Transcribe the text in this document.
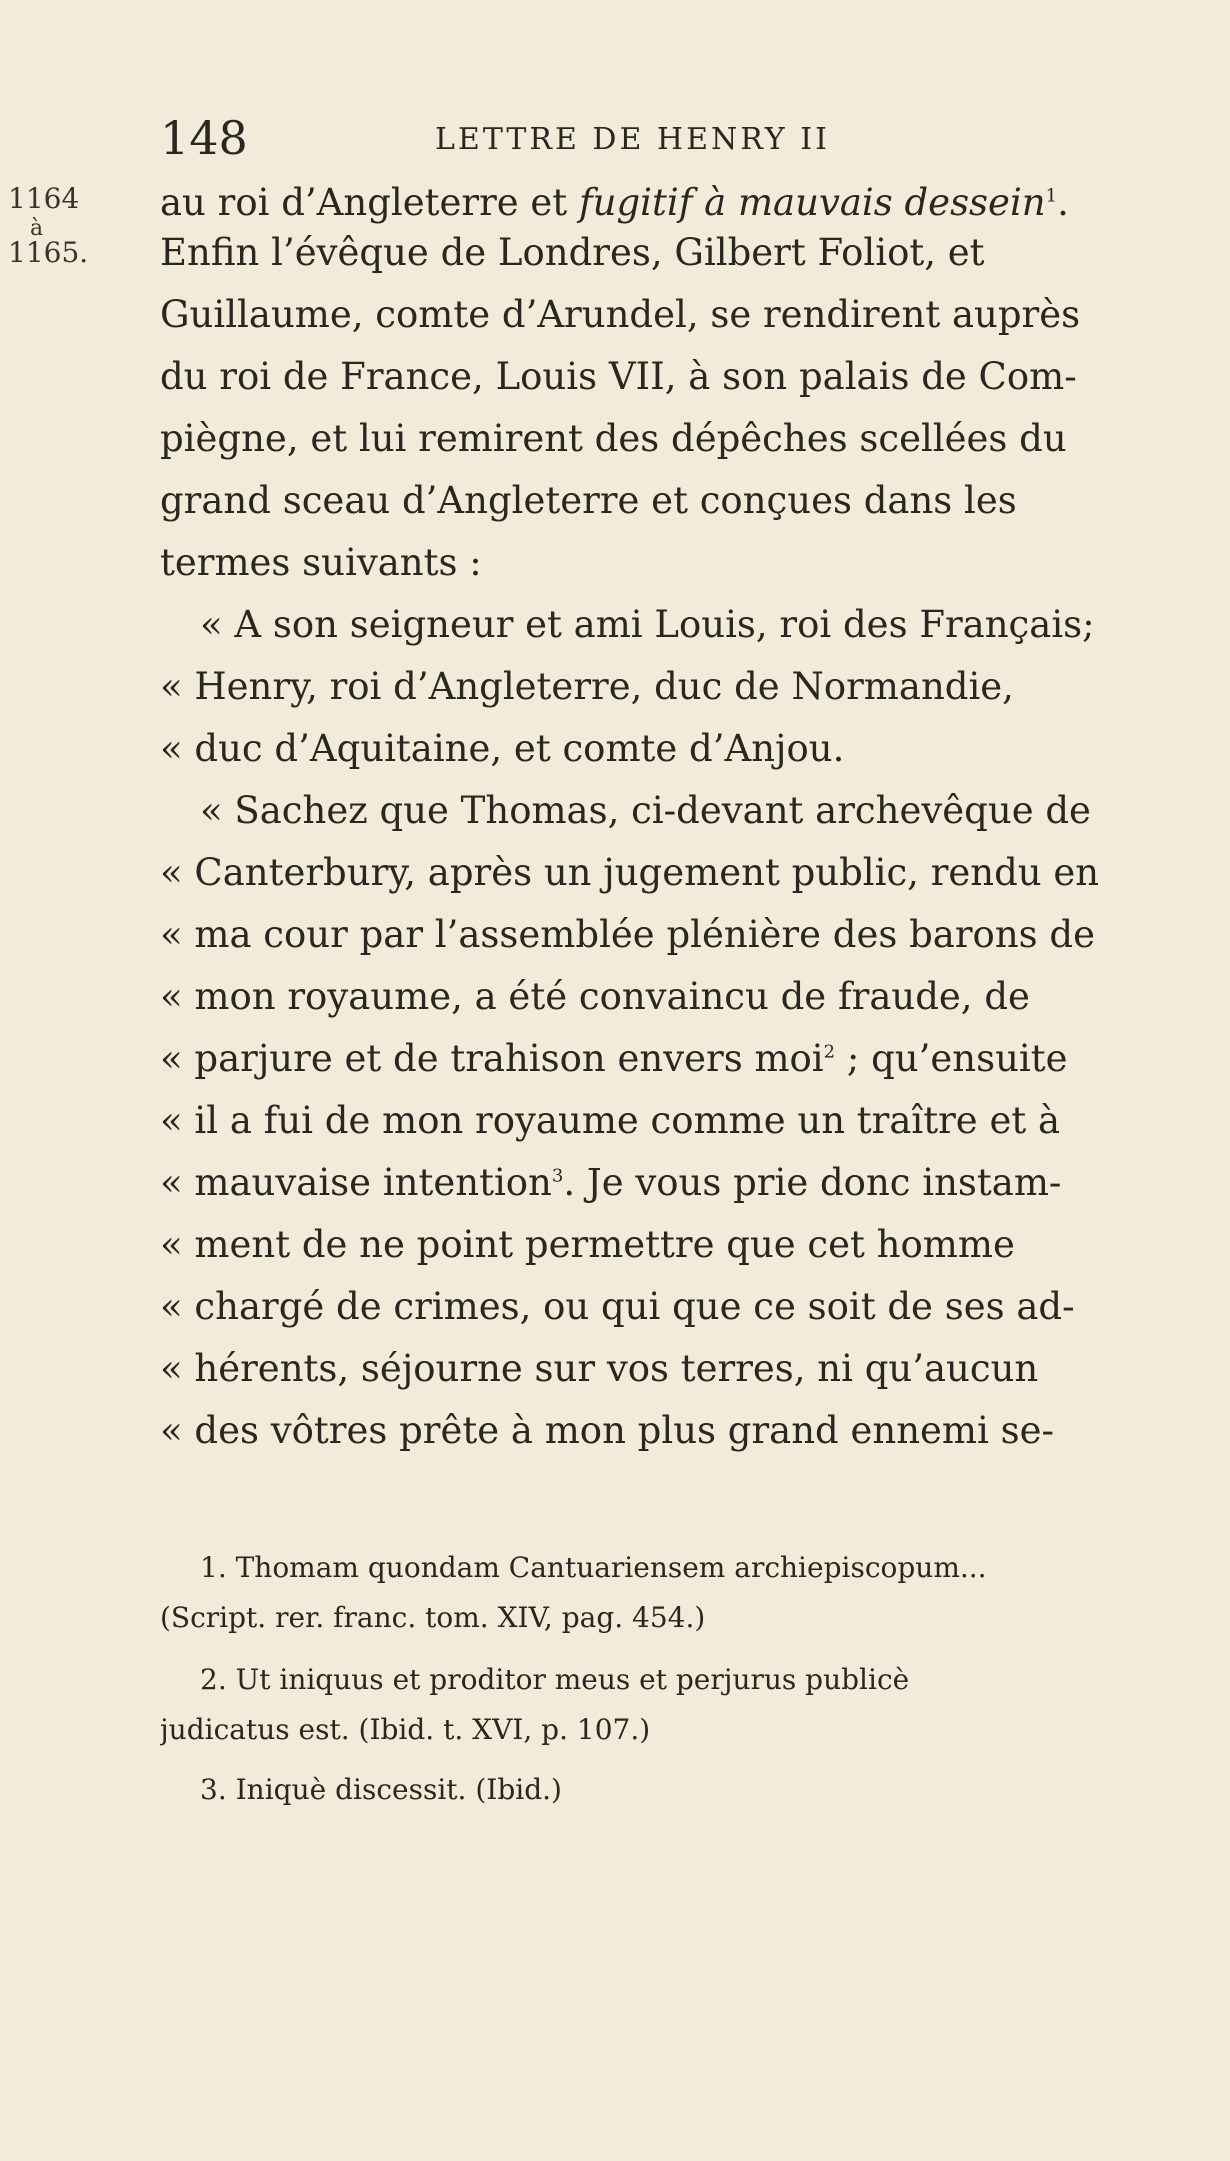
148	LETTRE DE HENRY II
1164
à
1165.
au roi d’Angleterre et fugitif à mauvais dessein$^1$.
Enfin l’évêque de Londres, Gilbert Foliot, et
Guillaume, comte d’Arundel, se rendirent auprès
du roi de France, Louis VII, à son palais de Com-
piègne, et lui remirent des dépêches scellées du
grand sceau d’Angleterre et conçues dans les
termes suivants :
« A son seigneur et ami Louis, roi des Français;
« Henry, roi d’Angleterre, duc de Normandie,
« duc d’Aquitaine, et comte d’Anjou.
« Sachez que Thomas, ci-devant archevêque de
« Canterbury, après un jugement public, rendu en
« ma cour par l’assemblée plénière des barons de
« mon royaume, a été convaincu de fraude, de
« parjure et de trahison envers moi$^2$ ; qu’ensuite
« il a fui de mon royaume comme un traître et à
« mauvaise intention$^3$. Je vous prie donc instam-
« ment de ne point permettre que cet homme
« chargé de crimes, ou qui que ce soit de ses ad-
« hérents, séjourne sur vos terres, ni qu’aucun
« des vôtres prête à mon plus grand ennemi se-
1. Thomam quondam Cantuariensem archiepiscopum...
(Script. rer. franc. tom. XIV, pag. 454.)
2. Ut iniquus et proditor meus et perjurus publicè
judicatus est. (Ibid. t. XVI, p. 107.)
3. Iniquè discessit. (Ibid.)
